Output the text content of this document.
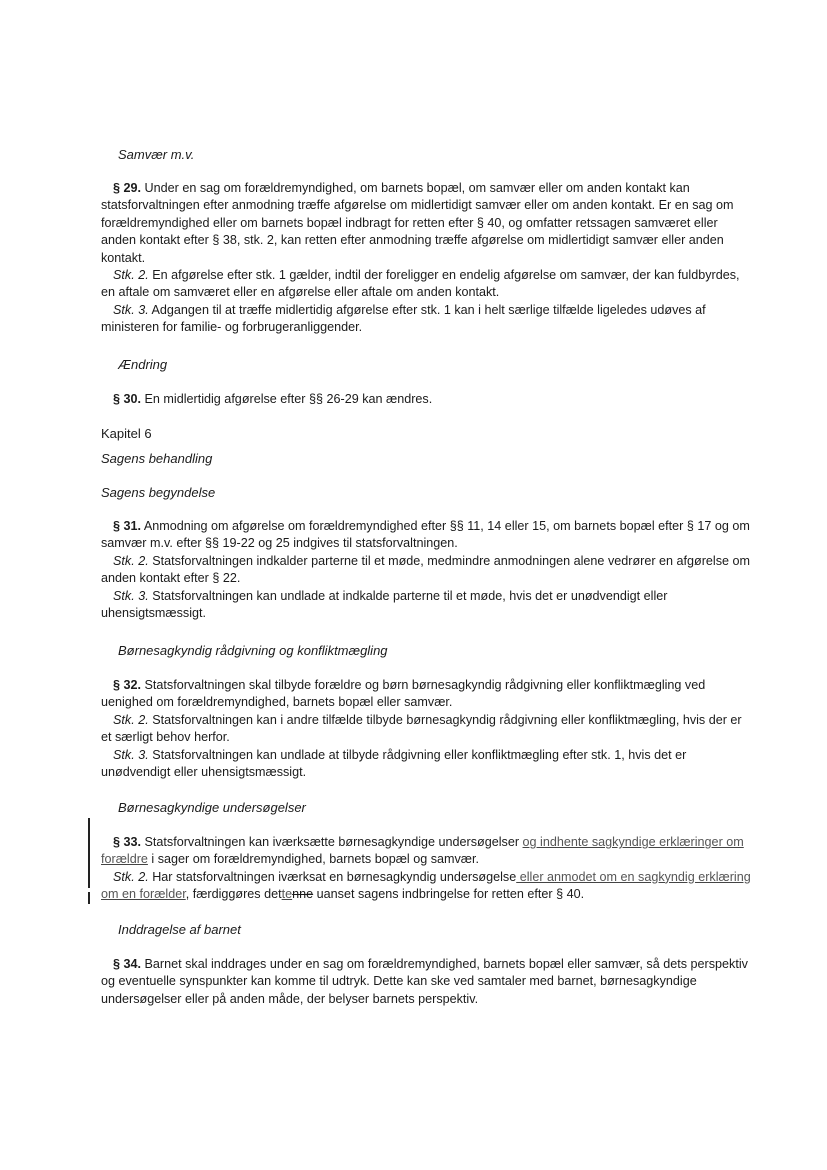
Samvær m.v.

§ 29. Under en sag om forældremyndighed, om barnets bopæl, om samvær eller om anden kontakt kan statsforvaltningen efter anmodning træffe afgørelse om midlertidigt samvær eller om anden kontakt. Er en sag om forældremyndighed eller om barnets bopæl indbragt for retten efter § 40, og omfatter retssagen samværet eller anden kontakt efter § 38, stk. 2, kan retten efter anmodning træffe afgørelse om midlertidigt samvær eller anden kontakt.

Stk. 2. En afgørelse efter stk. 1 gælder, indtil der foreligger en endelig afgørelse om samvær, der kan fuldbyrdes, en aftale om samværet eller en afgørelse eller aftale om anden kontakt.

Stk. 3. Adgangen til at træffe midlertidig afgørelse efter stk. 1 kan i helt særlige tilfælde ligeledes udøves af ministeren for familie- og forbrugeranliggender.

Ændring

§ 30. En midlertidig afgørelse efter §§ 26-29 kan ændres.

Kapitel 6
Sagens behandling
Sagens begyndelse

§ 31. Anmodning om afgørelse om forældremyndighed efter §§ 11, 14 eller 15, om barnets bopæl efter § 17 og om samvær m.v. efter §§ 19-22 og 25 indgives til statsforvaltningen.

Stk. 2. Statsforvaltningen indkalder parterne til et møde, medmindre anmodningen alene vedrører en afgørelse om anden kontakt efter § 22.

Stk. 3. Statsforvaltningen kan undlade at indkalde parterne til et møde, hvis det er unødvendigt eller uhensigtsmæssigt.

Børnesagkyndig rådgivning og konfliktmægling

§ 32. Statsforvaltningen skal tilbyde forældre og børn børnesagkyndig rådgivning eller konfliktmægling ved uenighed om forældremyndighed, barnets bopæl eller samvær.

Stk. 2. Statsforvaltningen kan i andre tilfælde tilbyde børnesagkyndig rådgivning eller konfliktmægling, hvis der er et særligt behov herfor.

Stk. 3. Statsforvaltningen kan undlade at tilbyde rådgivning eller konfliktmægling efter stk. 1, hvis det er unødvendigt eller uhensigtsmæssigt.

Børnesagkyndige undersøgelser

§ 33. Statsforvaltningen kan iværksætte børnesagkyndige undersøgelser og indhente sagkyndige erklæringer om forældre i sager om forældremyndighed, barnets bopæl og samvær.

Stk. 2. Har statsforvaltningen iværksat en børnesagkyndig undersøgelse eller anmodet om en sagkyndig erklæring om en forælder, færdiggøres dettenne uanset sagens indbringelse for retten efter § 40.

Inddragelse af barnet

§ 34. Barnet skal inddrages under en sag om forældremyndighed, barnets bopæl eller samvær, så dets perspektiv og eventuelle synspunkter kan komme til udtryk. Dette kan ske ved samtaler med barnet, børnesagkyndige undersøgelser eller på anden måde, der belyser barnets perspektiv.
